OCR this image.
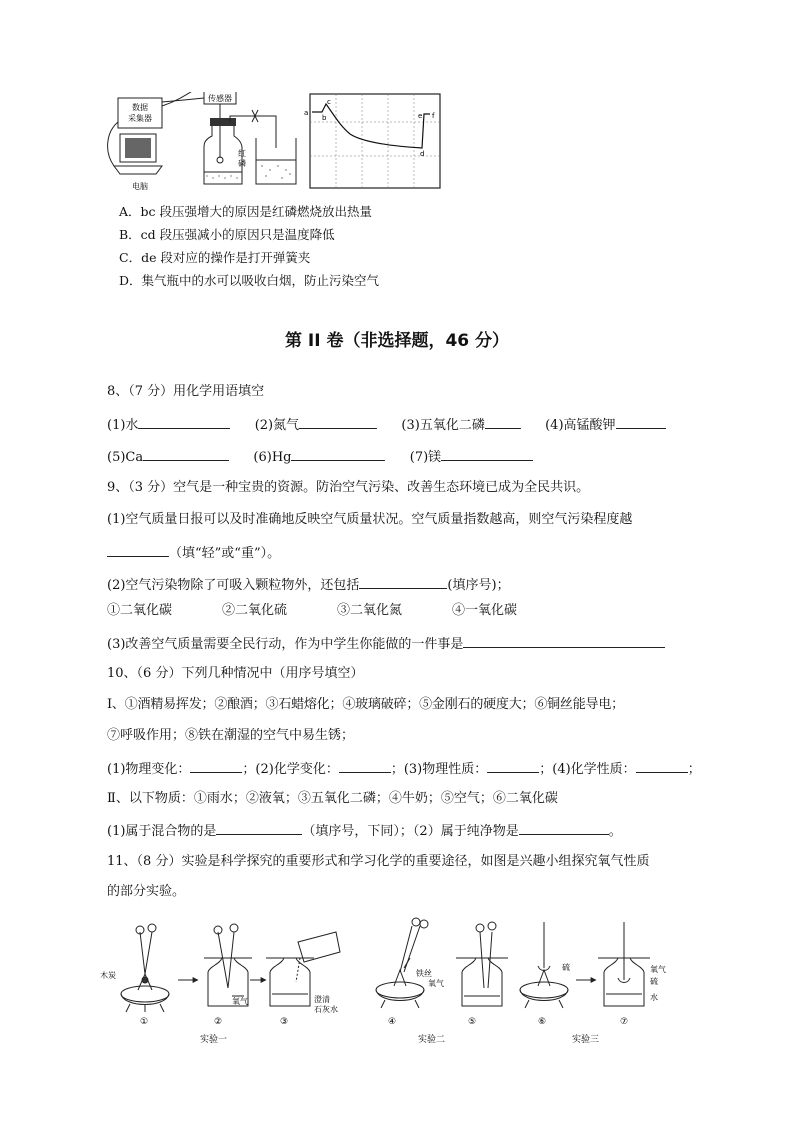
数据
采集器
电脑
传感器
红
磷
a
b
c
d
e f
A．bc 段压强增大的原因是红磷燃烧放出热量
B．cd 段压强减小的原因只是温度降低
C．de 段对应的操作是打开弹簧夹
D．集气瓶中的水可以吸收白烟，防止污染空气
第 II 卷（非选择题，46 分）
8、（7 分）用化学用语填空
(1)水	(2)氮气	(3)五氧化二磷	(4)高锰酸钾
(5)Ca	(6)Hg	(7)镁
9、（3 分）空气是一种宝贵的资源。防治空气污染、改善生态环境已成为全民共识。
(1)空气质量日报可以及时准确地反映空气质量状况。空气质量指数越高，则空气污染程度越
（填“轻”或“重”）。
(2)空气污染物除了可吸入颗粒物外，还包括	(填序号)；
①二氧化碳	②二氧化硫	③二氧化氮	④一氧化碳
(3)改善空气质量需要全民行动，作为中学生你能做的一件事是
10、（6 分）下列几种情况中（用序号填空）
Ⅰ、①酒精易挥发；②酿酒；③石蜡熔化；④玻璃破碎；⑤金刚石的硬度大；⑥铜丝能导电；
⑦呼吸作用；⑧铁在潮湿的空气中易生锈；
(1)物理变化：	；(2)化学变化：	；(3)物理性质：	；(4)化学性质：	；
Ⅱ、以下物质：①雨水；②液氧；③五氧化二磷；④牛奶；⑤空气；⑥二氧化碳
(1)属于混合物的是	（填序号，下同）；（2）属于纯净物是	。
11、（8 分）实验是科学探究的重要形式和学习化学的重要途径，如图是兴趣小组探究氧气性质
的部分实验。
木炭
氧气	澄清
石灰水
铁丝
氧气
硫	氧气
硫
水
①	②	③	④	⑤	⑥	⑦
实验一	实验二	实验三
